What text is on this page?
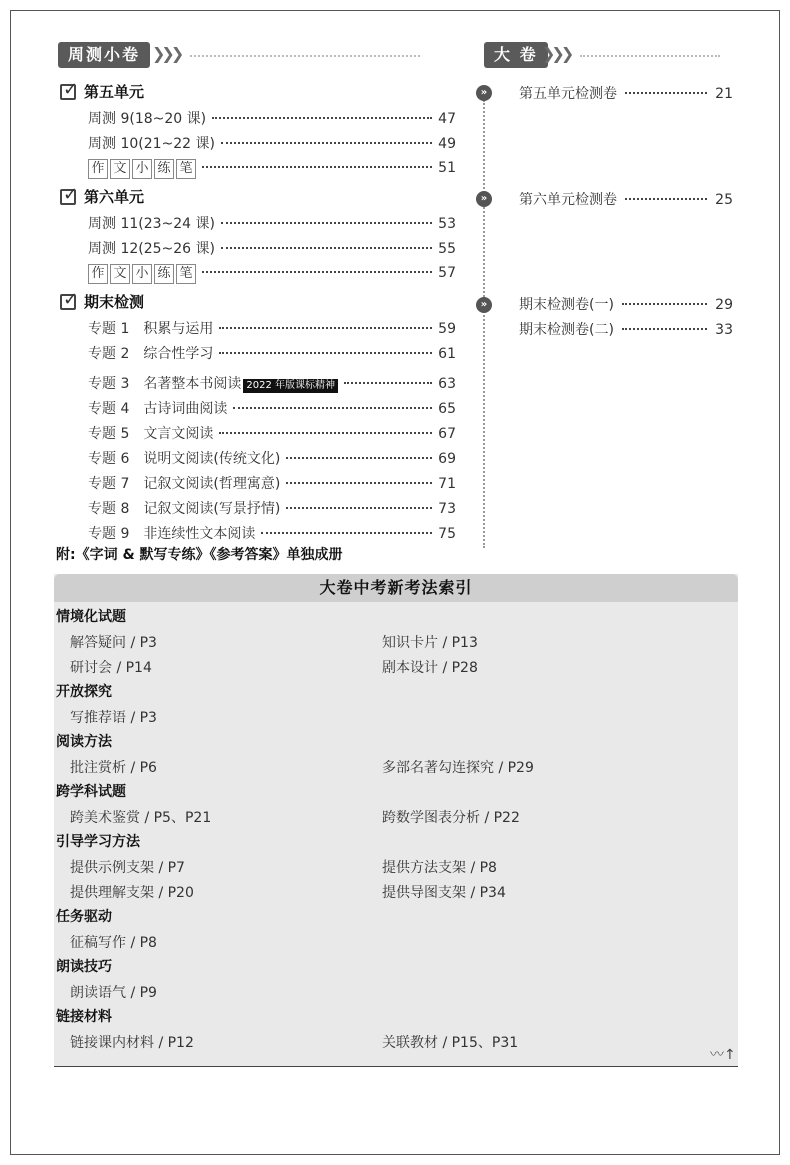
周测小卷 ❯❯❯	大 卷 ❯❯❯
✓
第五单元
周测 9(18~20 课)	47
周测 10(21~22 课)	49
作 文 小 练 笔	51
✓
第六单元
周测 11(23~24 课)	53
周测 12(25~26 课)	55
作 文 小 练 笔	57
✓
期末检测
专题 1　积累与运用	59
专题 2　综合性学习	61
专题 3　名著整本书阅读 2022 年版课标精神	63
专题 4　古诗词曲阅读	65
专题 5　文言文阅读	67
专题 6　说明文阅读(传统文化)	69
专题 7　记叙文阅读(哲理寓意)	71
专题 8　记叙文阅读(写景抒情)	73
专题 9　非连续性文本阅读	75
附:《字词 & 默写专练》《参考答案》单独成册
»	第五单元检测卷	21
»	第六单元检测卷	25
»	期末检测卷(一)	29
期末检测卷(二)	33
大卷中考新考法索引
情境化试题
解答疑问 / P3	知识卡片 / P13
研讨会 / P14	剧本设计 / P28
开放探究
写推荐语 / P3
阅读方法
批注赏析 / P6	多部名著勾连探究 / P29
跨学科试题
跨美术鉴赏 / P5、P21	跨数学图表分析 / P22
引导学习方法
提供示例支架 / P7	提供方法支架 / P8
提供理解支架 / P20	提供导图支架 / P34
任务驱动
征稿写作 / P8
朗读技巧
朗读语气 / P9
链接材料
链接课内材料 / P12	关联教材 / P15、P31
〰↑
